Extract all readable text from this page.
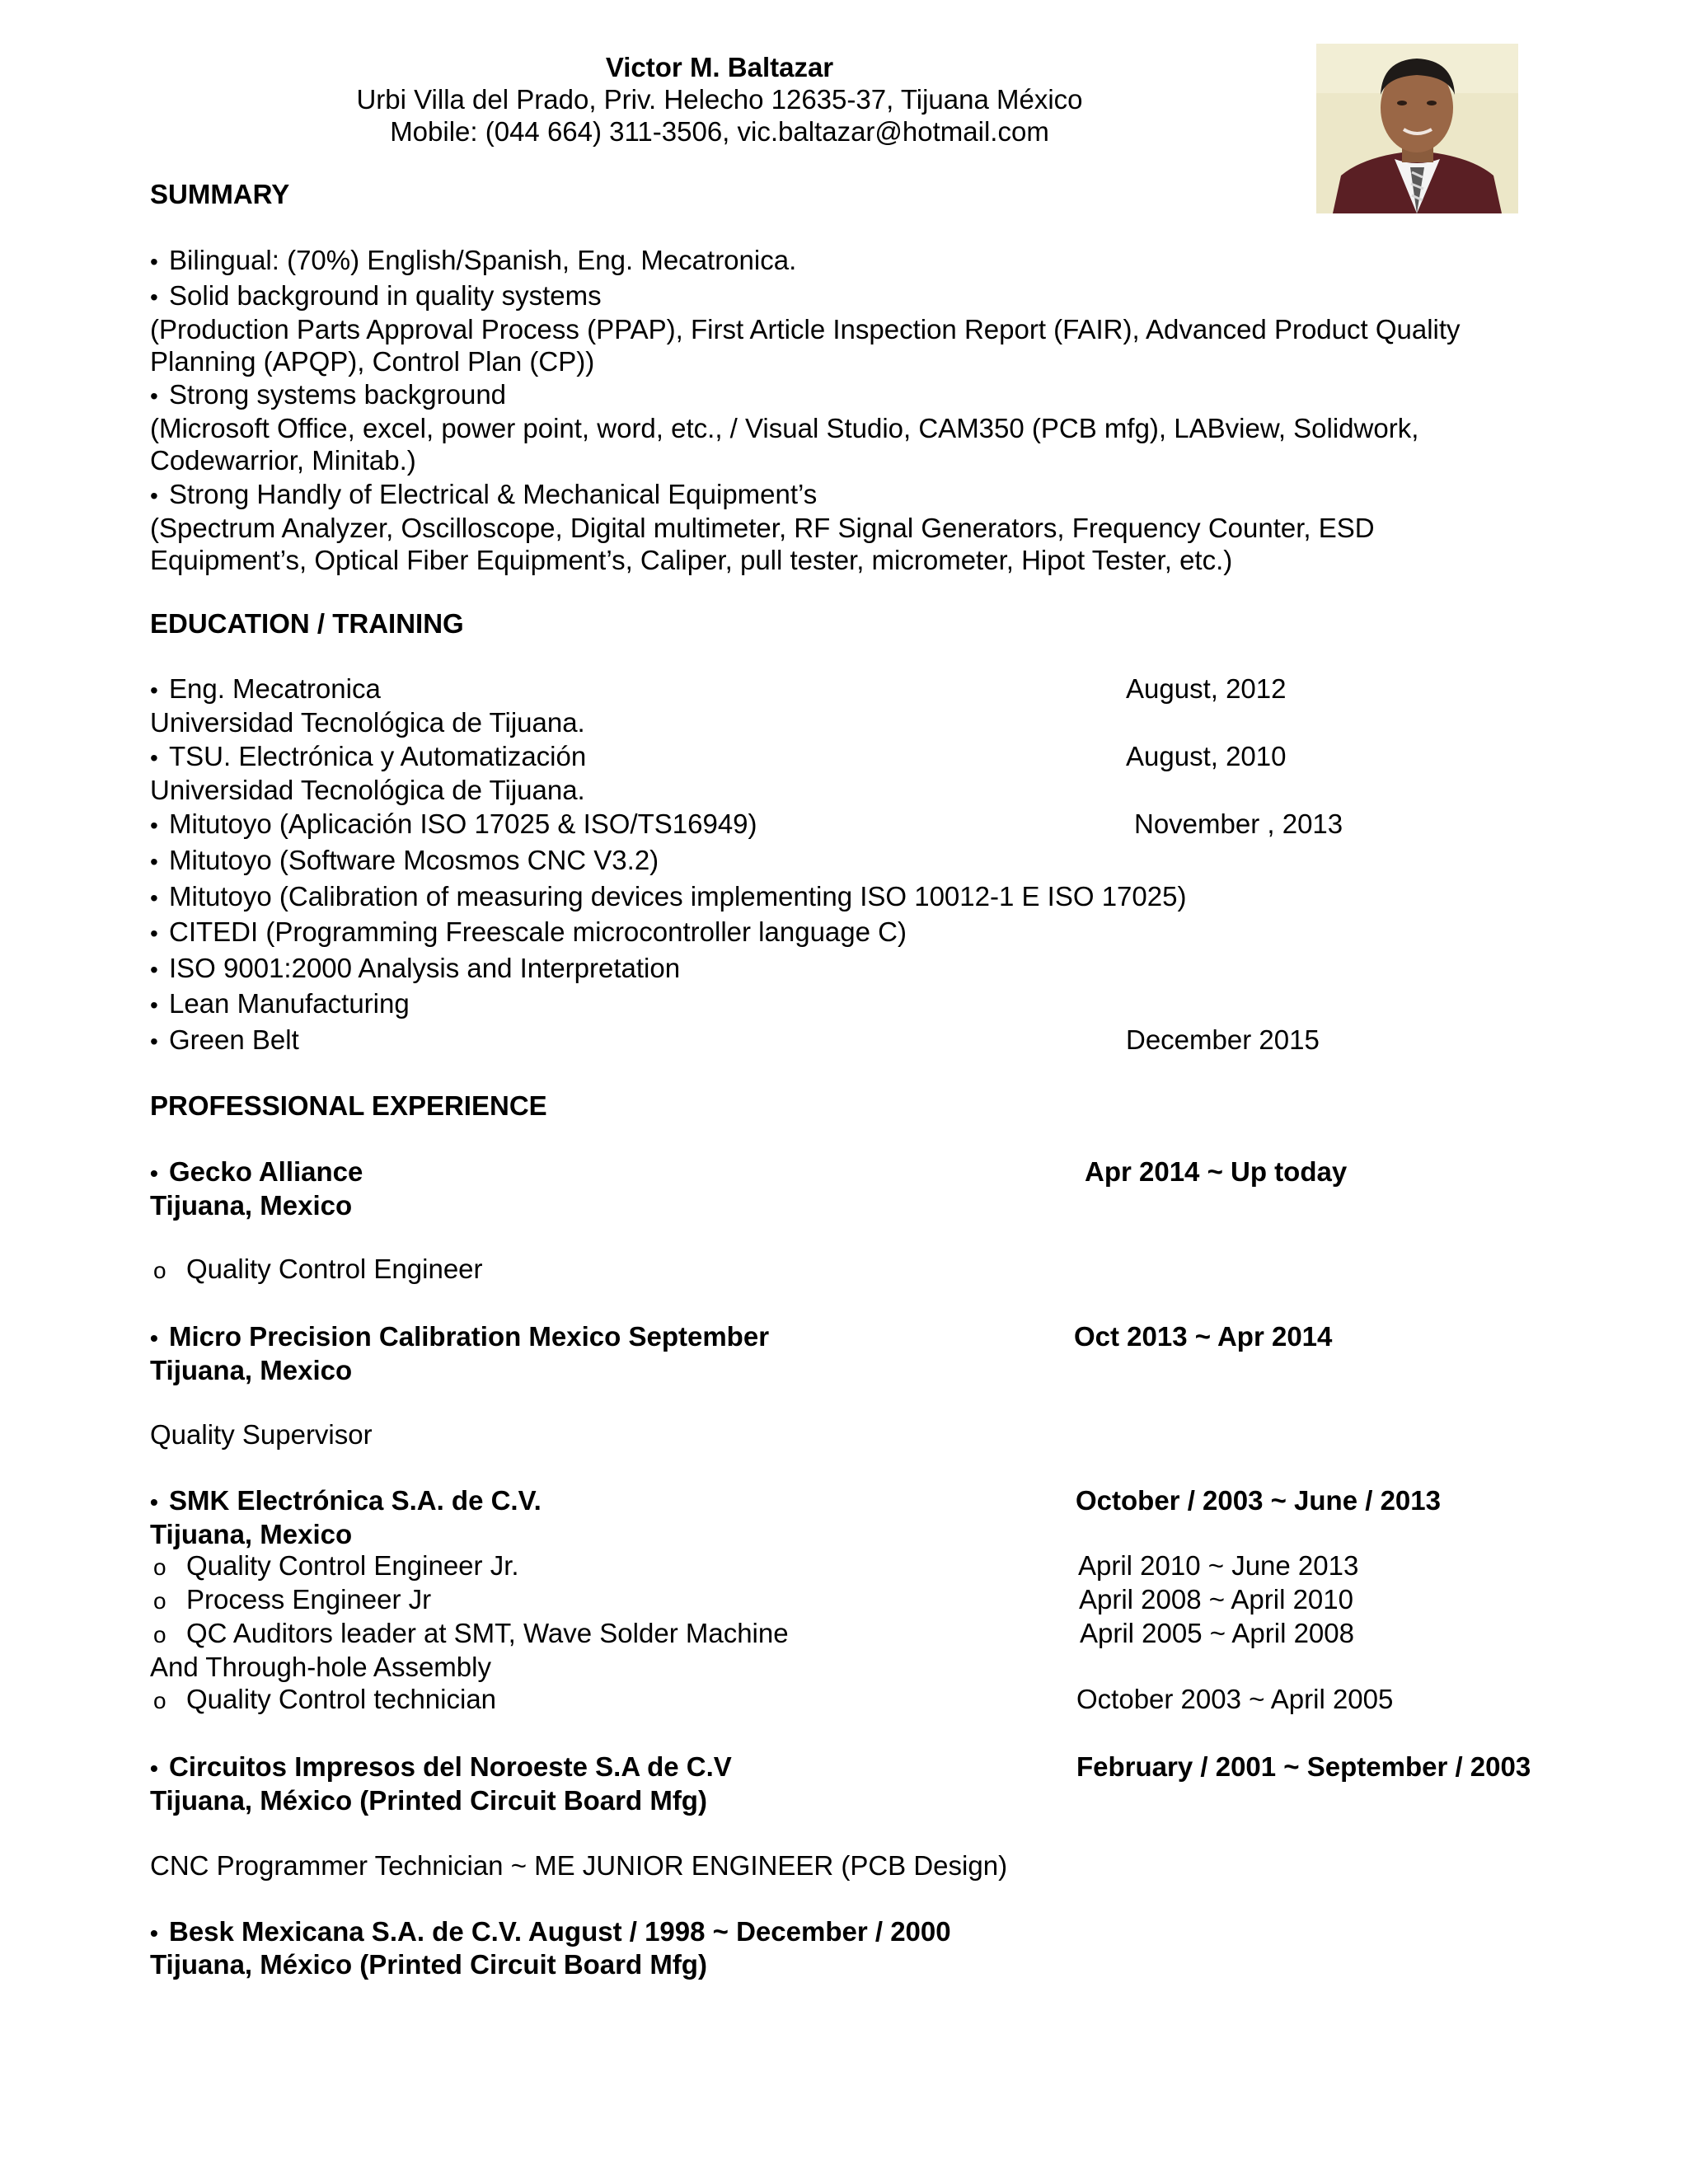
Victor M. Baltazar
Urbi Villa del Prado, Priv. Helecho 12635-37, Tijuana México
Mobile: (044 664) 311-3506, vic.baltazar@hotmail.com
SUMMARY
• Bilingual: (70%) English/Spanish, Eng. Mecatronica.
• Solid background in quality systems
(Production Parts Approval Process (PPAP), First Article Inspection Report (FAIR), Advanced Product Quality
Planning (APQP), Control Plan (CP))
• Strong systems background
(Microsoft Office, excel, power point, word, etc., / Visual Studio, CAM350 (PCB mfg), LABview, Solidwork,
Codewarrior, Minitab.)
• Strong Handly of Electrical & Mechanical Equipment’s
(Spectrum Analyzer, Oscilloscope, Digital multimeter, RF Signal Generators, Frequency Counter, ESD
Equipment’s, Optical Fiber Equipment’s, Caliper, pull tester, micrometer, Hipot Tester, etc.)
EDUCATION / TRAINING
• Eng. Mecatronica	August, 2012
Universidad Tecnológica de Tijuana.
• TSU. Electrónica y Automatización	August, 2010
Universidad Tecnológica de Tijuana.
• Mitutoyo (Aplicación ISO 17025 & ISO/TS16949)	November , 2013
• Mitutoyo (Software Mcosmos CNC V3.2)
• Mitutoyo (Calibration of measuring devices implementing ISO 10012-1 E ISO 17025)
• CITEDI (Programming Freescale microcontroller language C)
• ISO 9001:2000 Analysis and Interpretation
• Lean Manufacturing
• Green Belt	December 2015
PROFESSIONAL EXPERIENCE
• Gecko Alliance	Apr 2014 ~ Up today
Tijuana, Mexico
o Quality Control Engineer
• Micro Precision Calibration Mexico September	Oct 2013 ~ Apr 2014
Tijuana, Mexico
Quality Supervisor
• SMK Electrónica S.A. de C.V.	October / 2003 ~ June / 2013
Tijuana, Mexico
o Quality Control Engineer Jr.	April 2010 ~ June 2013
o Process Engineer Jr	April 2008 ~ April 2010
o QC Auditors leader at SMT, Wave Solder Machine	April 2005 ~ April 2008
And Through-hole Assembly
o Quality Control technician	October 2003 ~ April 2005
• Circuitos Impresos del Noroeste S.A de C.V	February / 2001 ~ September / 2003
Tijuana, México (Printed Circuit Board Mfg)
CNC Programmer Technician ~ ME JUNIOR ENGINEER (PCB Design)
• Besk Mexicana S.A. de C.V. August / 1998 ~ December / 2000
Tijuana, México (Printed Circuit Board Mfg)
